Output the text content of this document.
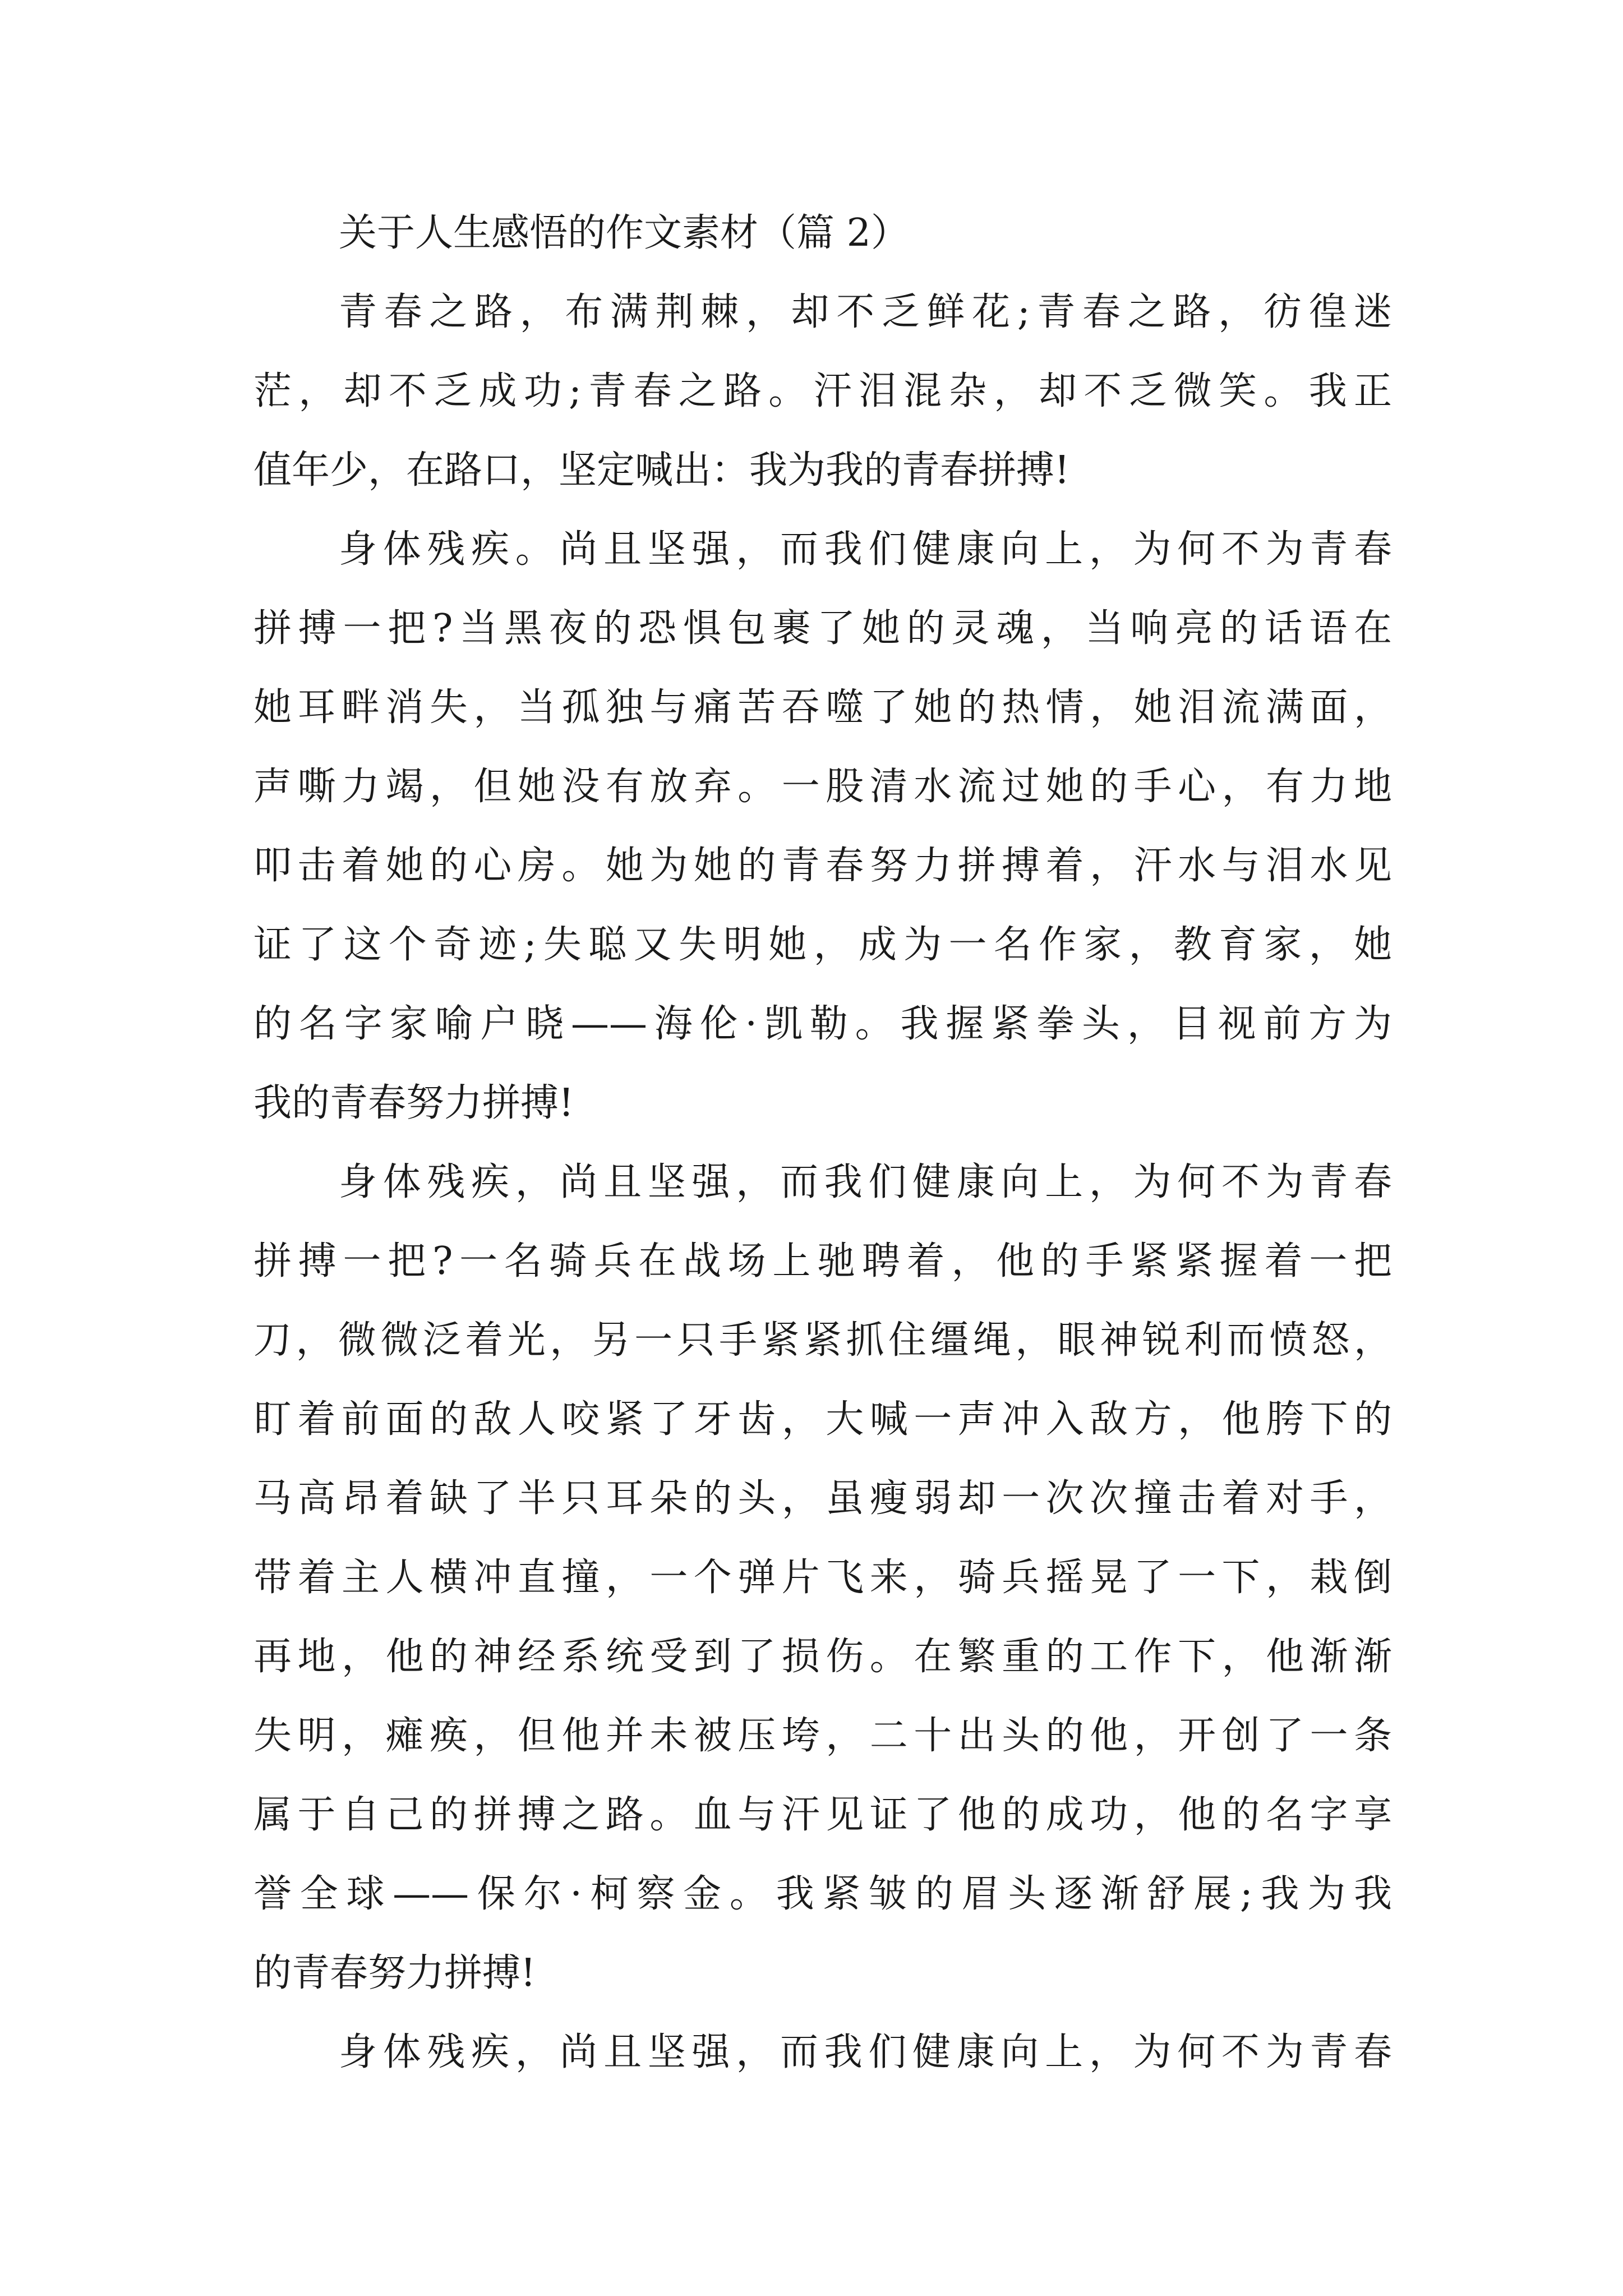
关于人生感悟的作文素材（篇 2）
青春之路，布满荆棘，却不乏鲜花;青春之路，彷徨迷
茫，却不乏成功;青春之路。汗泪混杂，却不乏微笑。我正
值年少，在路口，坚定喊出：我为我的青春拼搏!
身体残疾。尚且坚强，而我们健康向上，为何不为青春
拼搏一把?当黑夜的恐惧包裹了她的灵魂，当响亮的话语在
她耳畔消失，当孤独与痛苦吞噬了她的热情，她泪流满面，
声嘶力竭，但她没有放弃。一股清水流过她的手心，有力地
叩击着她的心房。她为她的青春努力拼搏着，汗水与泪水见
证了这个奇迹;失聪又失明她，成为一名作家，教育家，她
的名字家喻户晓——海伦·凯勒。我握紧拳头，目视前方为
我的青春努力拼搏!
身体残疾，尚且坚强，而我们健康向上，为何不为青春
拼搏一把?一名骑兵在战场上驰聘着，他的手紧紧握着一把
刀，微微泛着光，另一只手紧紧抓住缰绳，眼神锐利而愤怒，
盯着前面的敌人咬紧了牙齿，大喊一声冲入敌方，他胯下的
马高昂着缺了半只耳朵的头，虽瘦弱却一次次撞击着对手，
带着主人横冲直撞，一个弹片飞来，骑兵摇晃了一下，栽倒
再地，他的神经系统受到了损伤。在繁重的工作下，他渐渐
失明，瘫痪，但他并未被压垮，二十出头的他，开创了一条
属于自己的拼搏之路。血与汗见证了他的成功，他的名字享
誉全球——保尔·柯察金。我紧皱的眉头逐渐舒展;我为我
的青春努力拼搏!
身体残疾，尚且坚强，而我们健康向上，为何不为青春
